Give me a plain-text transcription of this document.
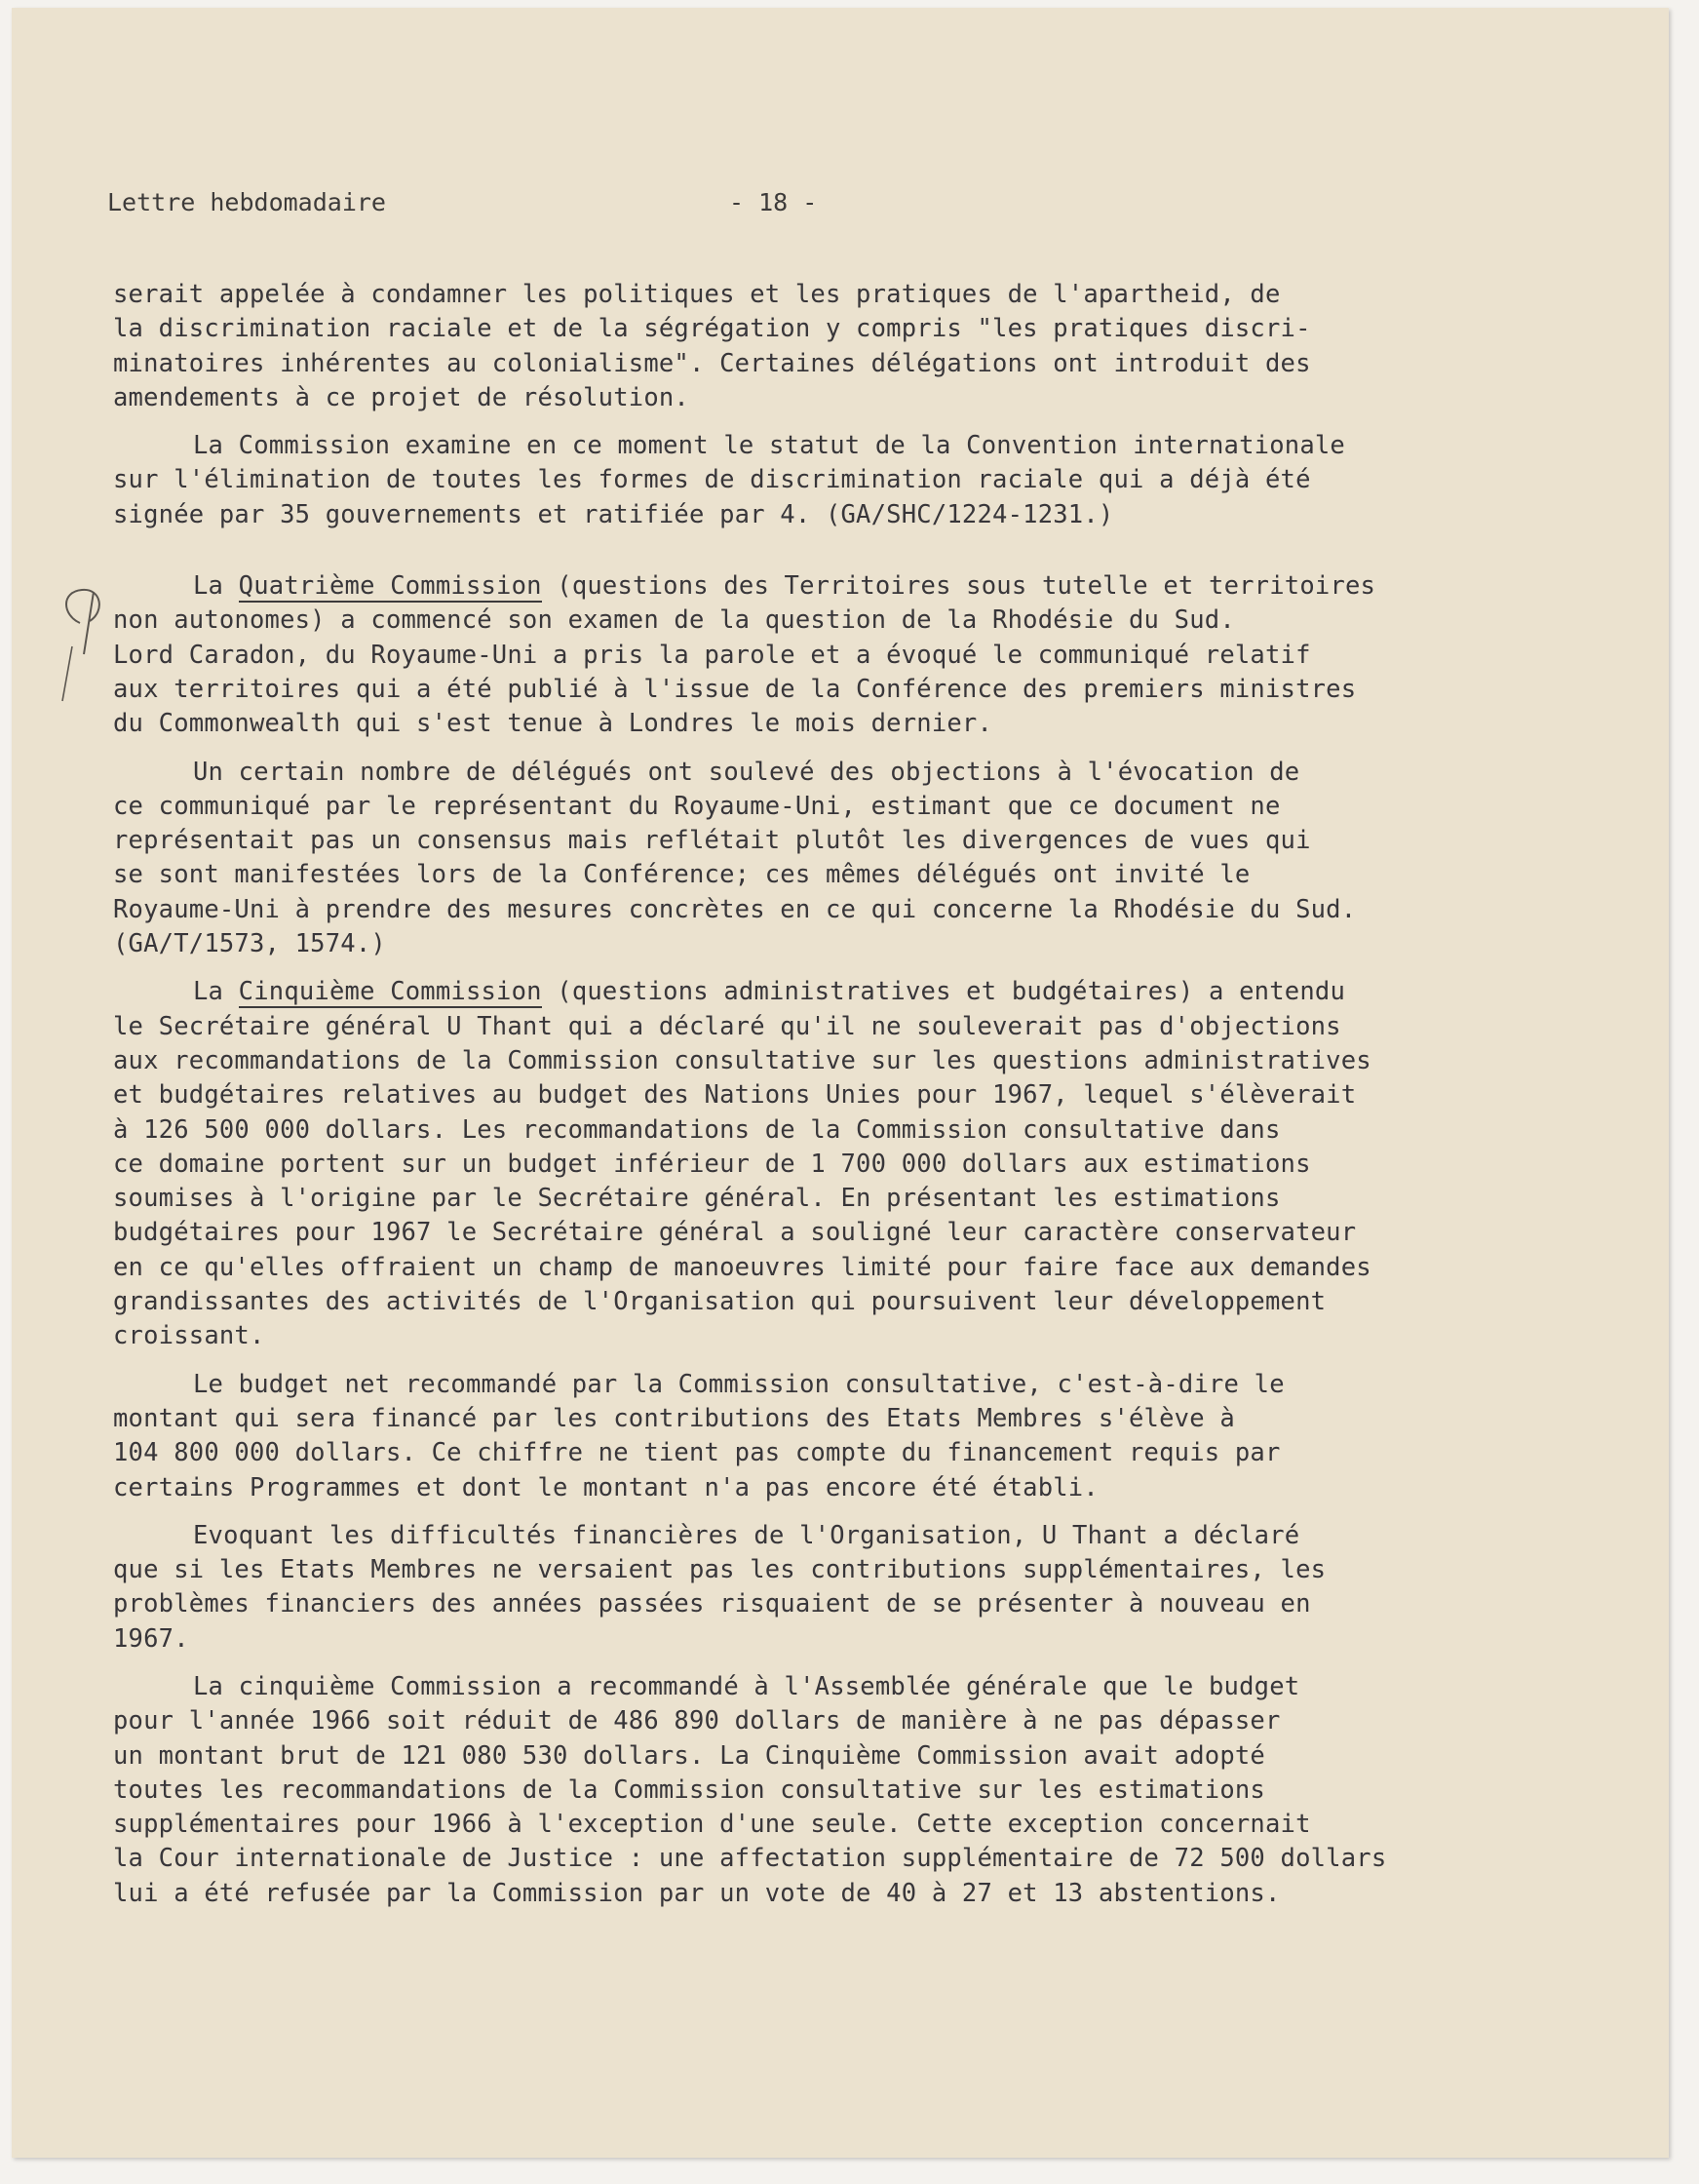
Lettre hebdomadaire	- 18 -
serait appelée à condamner les politiques et les pratiques de l'apartheid, de
la discrimination raciale et de la ségrégation y compris "les pratiques discri-
minatoires inhérentes au colonialisme". Certaines délégations ont introduit des
amendements à ce projet de résolution.
La Commission examine en ce moment le statut de la Convention internationale
sur l'élimination de toutes les formes de discrimination raciale qui a déjà été
signée par 35 gouvernements et ratifiée par 4. (GA/SHC/1224-1231.)
La Quatrième Commission (questions des Territoires sous tutelle et territoires
non autonomes) a commencé son examen de la question de la Rhodésie du Sud.
Lord Caradon, du Royaume-Uni a pris la parole et a évoqué le communiqué relatif
aux territoires qui a été publié à l'issue de la Conférence des premiers ministres
du Commonwealth qui s'est tenue à Londres le mois dernier.
Un certain nombre de délégués ont soulevé des objections à l'évocation de
ce communiqué par le représentant du Royaume-Uni, estimant que ce document ne
représentait pas un consensus mais reflétait plutôt les divergences de vues qui
se sont manifestées lors de la Conférence; ces mêmes délégués ont invité le
Royaume-Uni à prendre des mesures concrètes en ce qui concerne la Rhodésie du Sud.
(GA/T/1573, 1574.)
La Cinquième Commission (questions administratives et budgétaires) a entendu
le Secrétaire général U Thant qui a déclaré qu'il ne souleverait pas d'objections
aux recommandations de la Commission consultative sur les questions administratives
et budgétaires relatives au budget des Nations Unies pour 1967, lequel s'élèverait
à 126 500 000 dollars. Les recommandations de la Commission consultative dans
ce domaine portent sur un budget inférieur de 1 700 000 dollars aux estimations
soumises à l'origine par le Secrétaire général. En présentant les estimations
budgétaires pour 1967 le Secrétaire général a souligné leur caractère conservateur
en ce qu'elles offraient un champ de manoeuvres limité pour faire face aux demandes
grandissantes des activités de l'Organisation qui poursuivent leur développement
croissant.
Le budget net recommandé par la Commission consultative, c'est-à-dire le
montant qui sera financé par les contributions des Etats Membres s'élève à
104 800 000 dollars. Ce chiffre ne tient pas compte du financement requis par
certains Programmes et dont le montant n'a pas encore été établi.
Evoquant les difficultés financières de l'Organisation, U Thant a déclaré
que si les Etats Membres ne versaient pas les contributions supplémentaires, les
problèmes financiers des années passées risquaient de se présenter à nouveau en
1967.
La cinquième Commission a recommandé à l'Assemblée générale que le budget
pour l'année 1966 soit réduit de 486 890 dollars de manière à ne pas dépasser
un montant brut de 121 080 530 dollars. La Cinquième Commission avait adopté
toutes les recommandations de la Commission consultative sur les estimations
supplémentaires pour 1966 à l'exception d'une seule. Cette exception concernait
la Cour internationale de Justice : une affectation supplémentaire de 72 500 dollars
lui a été refusée par la Commission par un vote de 40 à 27 et 13 abstentions.
